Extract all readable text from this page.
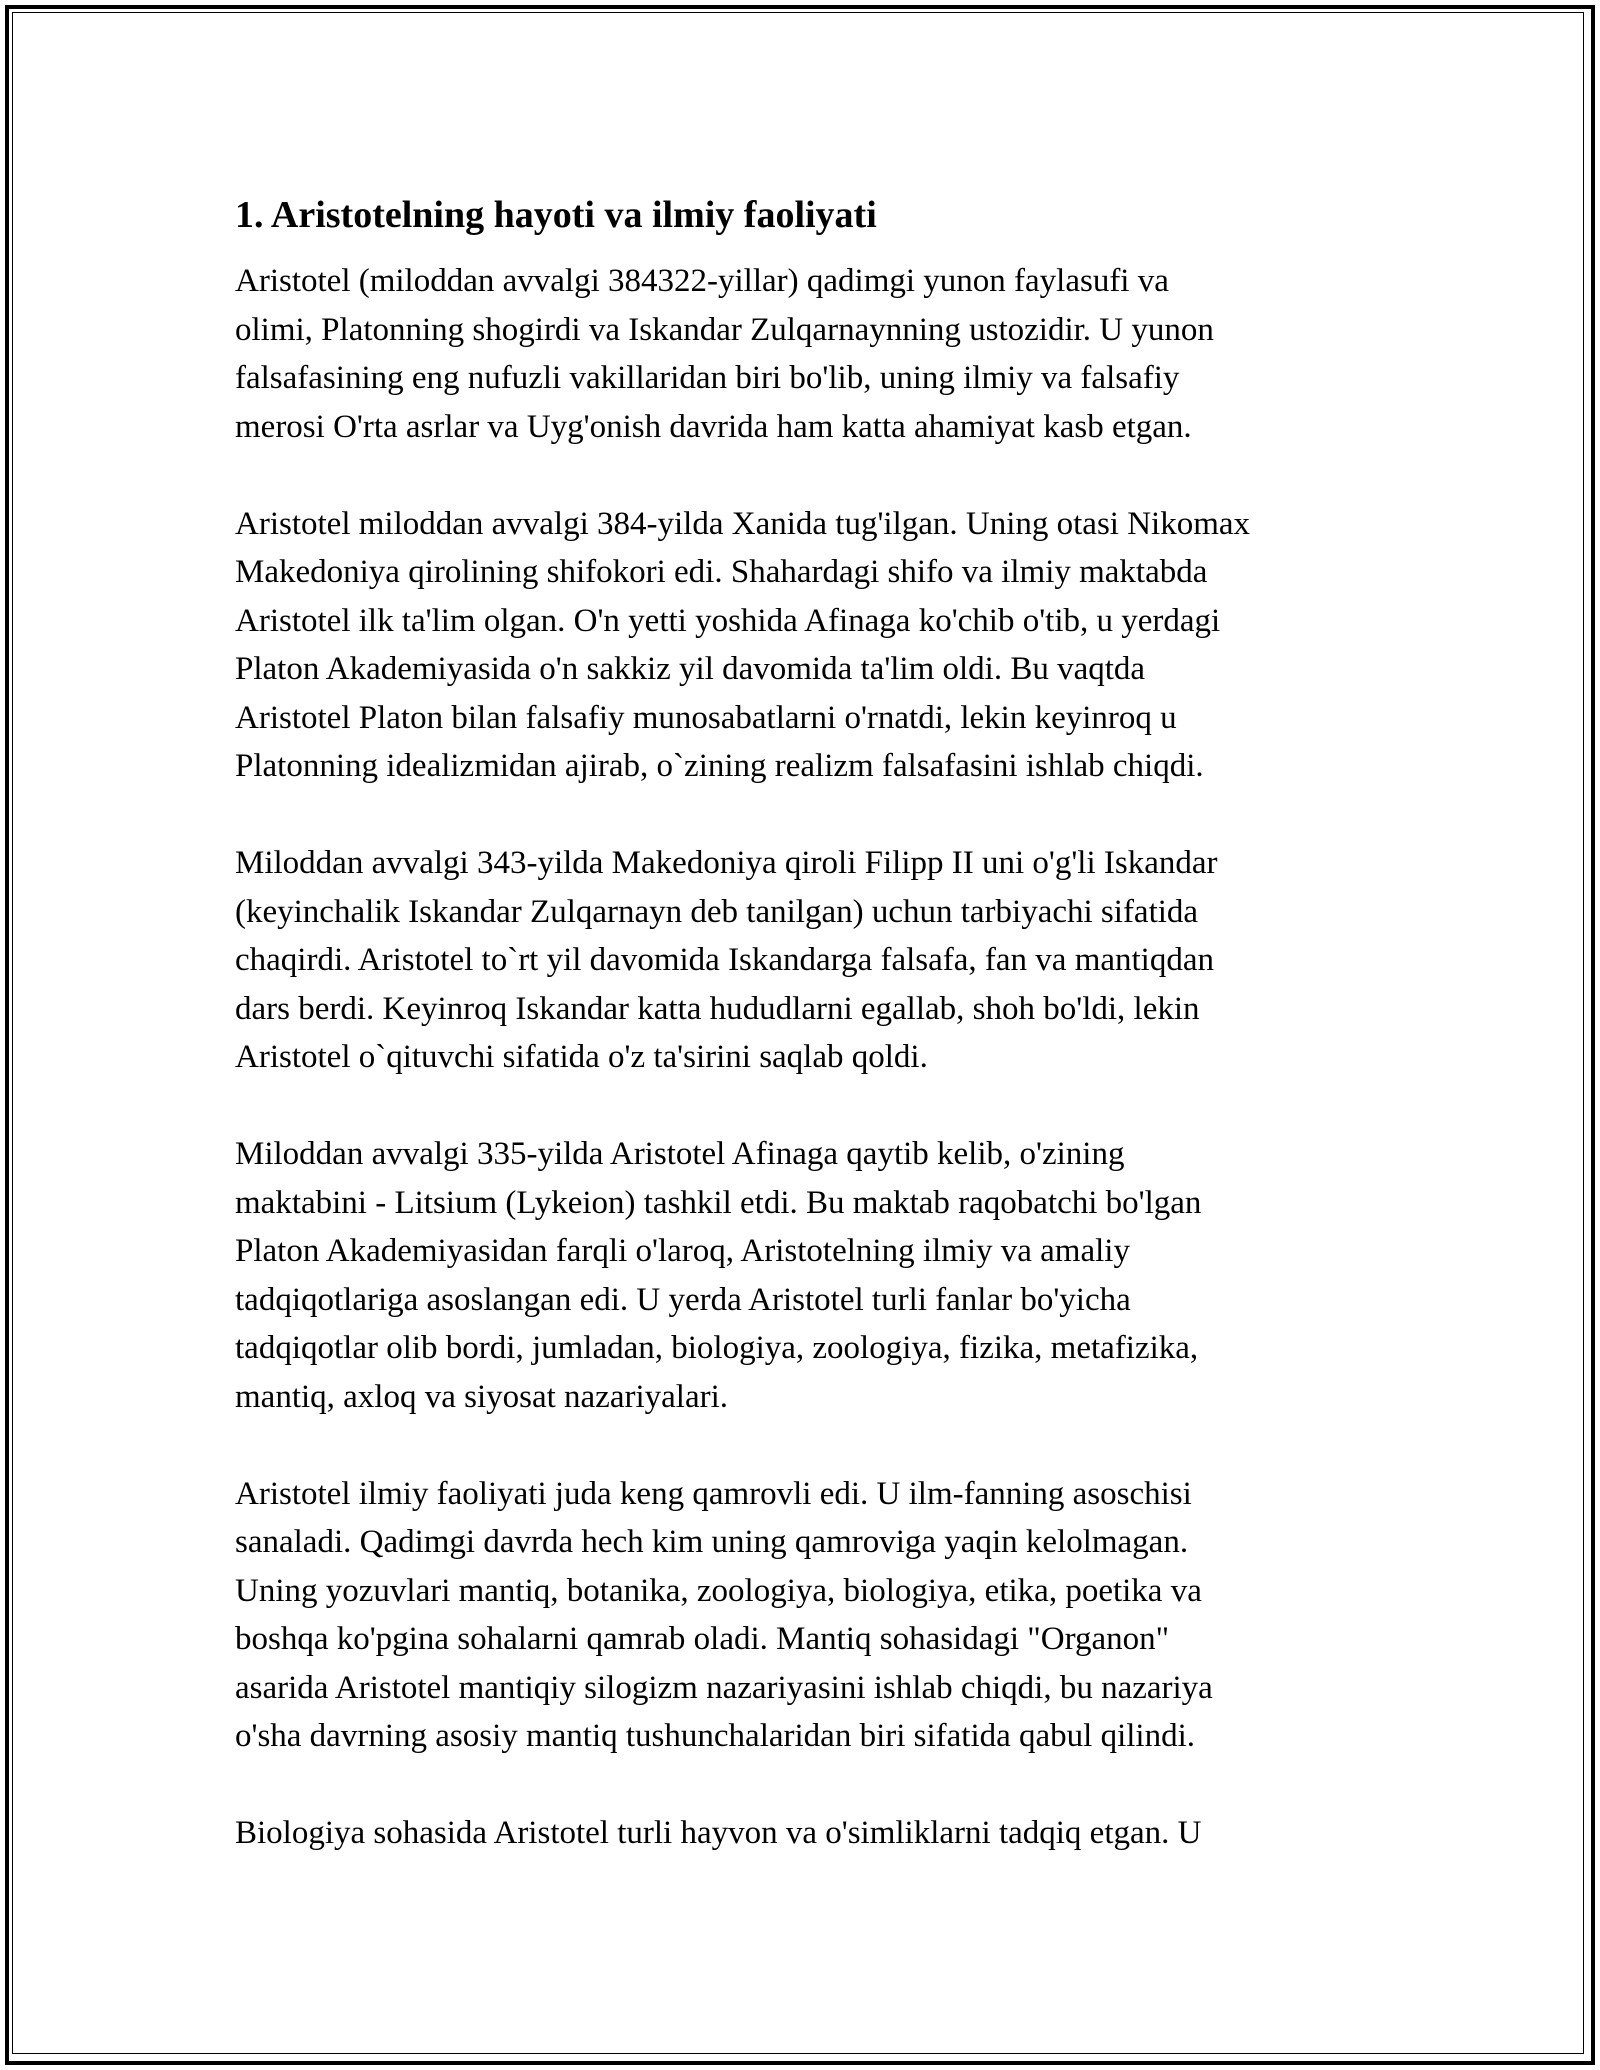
1. Aristotelning hayoti va ilmiy faoliyati

Aristotel (miloddan avvalgi 384322-yillar) qadimgi yunon faylasufi va
olimi, Platonning shogirdi va Iskandar Zulqarnaynning ustozidir. U yunon
falsafasining eng nufuzli vakillaridan biri bo'lib, uning ilmiy va falsafiy
merosi O'rta asrlar va Uyg'onish davrida ham katta ahamiyat kasb etgan.

Aristotel miloddan avvalgi 384-yilda Xanida tug'ilgan. Uning otasi Nikomax
Makedoniya qirolining shifokori edi. Shahardagi shifo va ilmiy maktabda
Aristotel ilk ta'lim olgan. O'n yetti yoshida Afinaga ko'chib o'tib, u yerdagi
Platon Akademiyasida o'n sakkiz yil davomida ta'lim oldi. Bu vaqtda
Aristotel Platon bilan falsafiy munosabatlarni o'rnatdi, lekin keyinroq u
Platonning idealizmidan ajirab, o`zining realizm falsafasini ishlab chiqdi.

Miloddan avvalgi 343-yilda Makedoniya qiroli Filipp II uni o'g'li Iskandar
(keyinchalik Iskandar Zulqarnayn deb tanilgan) uchun tarbiyachi sifatida
chaqirdi. Aristotel to`rt yil davomida Iskandarga falsafa, fan va mantiqdan
dars berdi. Keyinroq Iskandar katta hududlarni egallab, shoh bo'ldi, lekin
Aristotel o`qituvchi sifatida o'z ta'sirini saqlab qoldi.

Miloddan avvalgi 335-yilda Aristotel Afinaga qaytib kelib, o'zining
maktabini - Litsium (Lykeion) tashkil etdi. Bu maktab raqobatchi bo'lgan
Platon Akademiyasidan farqli o'laroq, Aristotelning ilmiy va amaliy
tadqiqotlariga asoslangan edi. U yerda Aristotel turli fanlar bo'yicha
tadqiqotlar olib bordi, jumladan, biologiya, zoologiya, fizika, metafizika,
mantiq, axloq va siyosat nazariyalari.

Aristotel ilmiy faoliyati juda keng qamrovli edi. U ilm-fanning asoschisi
sanaladi. Qadimgi davrda hech kim uning qamroviga yaqin kelolmagan.
Uning yozuvlari mantiq, botanika, zoologiya, biologiya, etika, poetika va
boshqa ko'pgina sohalarni qamrab oladi. Mantiq sohasidagi "Organon"
asarida Aristotel mantiqiy silogizm nazariyasini ishlab chiqdi, bu nazariya
o'sha davrning asosiy mantiq tushunchalaridan biri sifatida qabul qilindi.

Biologiya sohasida Aristotel turli hayvon va o'simliklarni tadqiq etgan. U
